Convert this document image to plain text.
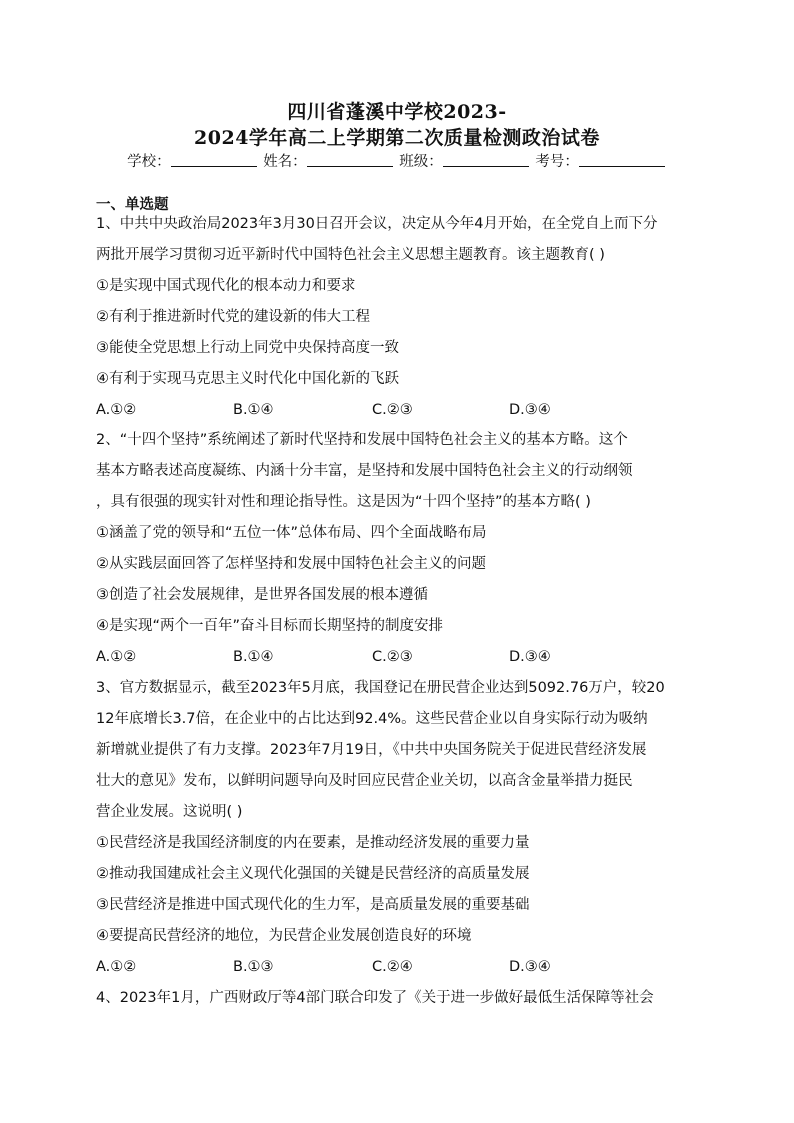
四川省蓬溪中学校2023-
2024学年高二上学期第二次质量检测政治试卷
学校：	姓名：	班级：	考号：
一、单选题
1、中共中央政治局2023年3月30日召开会议，决定从今年4月开始，在全党自上而下分
两批开展学习贯彻习近平新时代中国特色社会主义思想主题教育。该主题教育( )
①是实现中国式现代化的根本动力和要求
②有利于推进新时代党的建设新的伟大工程
③能使全党思想上行动上同党中央保持高度一致
④有利于实现马克思主义时代化中国化新的飞跃
A.①②	B.①④	C.②③	D.③④
2、“十四个坚持”系统阐述了新时代坚持和发展中国特色社会主义的基本方略。这个
基本方略表述高度凝练、内涵十分丰富，是坚持和发展中国特色社会主义的行动纲领
，具有很强的现实针对性和理论指导性。这是因为“十四个坚持”的基本方略( )
①涵盖了党的领导和“五位一体”总体布局、四个全面战略布局
②从实践层面回答了怎样坚持和发展中国特色社会主义的问题
③创造了社会发展规律，是世界各国发展的根本遵循
④是实现“两个一百年”奋斗目标而长期坚持的制度安排
A.①②	B.①④	C.②③	D.③④
3、官方数据显示，截至2023年5月底，我国登记在册民营企业达到5092.76万户，较20
12年底增长3.7倍，在企业中的占比达到92.4%。这些民营企业以自身实际行动为吸纳
新增就业提供了有力支撑。2023年7月19日，《中共中央国务院关于促进民营经济发展
壮大的意见》发布，以鲜明问题导向及时回应民营企业关切，以高含金量举措力挺民
营企业发展。这说明( )
①民营经济是我国经济制度的内在要素，是推动经济发展的重要力量
②推动我国建成社会主义现代化强国的关键是民营经济的高质量发展
③民营经济是推进中国式现代化的生力军，是高质量发展的重要基础
④要提高民营经济的地位，为民营企业发展创造良好的环境
A.①②	B.①③	C.②④	D.③④
4、2023年1月，广西财政厅等4部门联合印发了《关于进一步做好最低生活保障等社会
